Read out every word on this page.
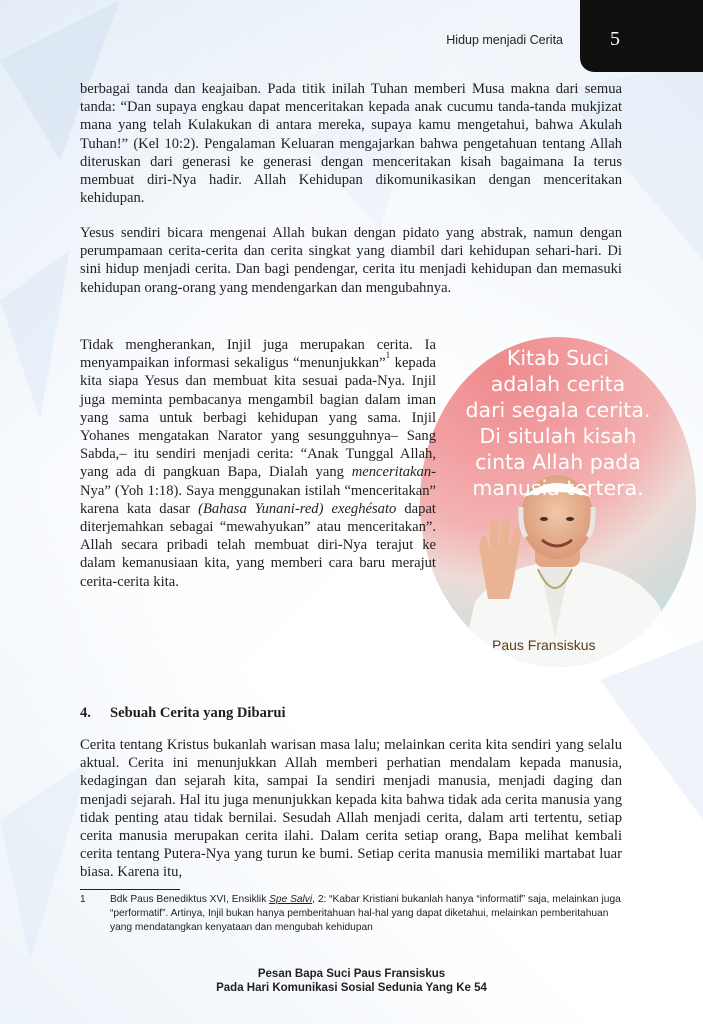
Hidup menjadi Cerita 5

berbagai tanda dan keajaiban. Pada titik inilah Tuhan memberi Musa makna dari semua tanda: “Dan supaya engkau dapat menceritakan kepada anak cucumu tanda-tanda mukjizat mana yang telah Kulakukan di antara mereka, supaya kamu mengetahui, bahwa Akulah Tuhan!” (Kel 10:2). Pengalaman Keluaran mengajarkan bahwa pengetahuan tentang Allah diteruskan dari generasi ke generasi dengan menceritakan kisah bagaimana Ia terus membuat diri-Nya hadir. Allah Kehidupan dikomunikasikan dengan menceritakan kehidupan.

Yesus sendiri bicara mengenai Allah bukan dengan pidato yang abstrak, namun dengan perumpamaan cerita-cerita dan cerita singkat yang diambil dari kehidupan sehari-hari. Di sini hidup menjadi cerita. Dan bagi pendengar, cerita itu menjadi kehidupan dan memasuki kehidupan orang-orang yang mendengarkan dan mengubahnya.

Tidak mengherankan, Injil juga merupakan cerita. Ia menyampaikan informasi sekaligus “menunjukkan”$^1$ kepada kita siapa Yesus dan membuat kita sesuai pada-Nya. Injil juga meminta pembacanya mengambil bagian dalam iman yang sama untuk berbagi kehidupan yang sama. Injil Yohanes mengatakan Narator yang sesungguhnya– Sang Sabda,– itu sendiri menjadi cerita: “Anak Tunggal Allah, yang ada di pangkuan Bapa, Dialah yang menceritakan-Nya” (Yoh 1:18). Saya menggunakan istilah “menceritakan” karena kata dasar (Bahasa Yunani-red) exeghésato dapat diterjemahkan sebagai “mewahyukan” atau menceritakan”. Allah secara pribadi telah membuat diri-Nya terajut ke dalam kemanusiaan kita, yang memberi cara baru merajut cerita-cerita kita.

Kitab Suci
adalah cerita
dari segala cerita.
Di situlah kisah
cinta Allah pada
manusia tertera.
Paus Fransiskus
4. Sebuah Cerita yang Dibarui

Cerita tentang Kristus bukanlah warisan masa lalu; melainkan cerita kita sendiri yang selalu aktual. Cerita ini menunjukkan Allah memberi perhatian mendalam kepada manusia, kedagingan dan sejarah kita, sampai Ia sendiri menjadi manusia, menjadi daging dan menjadi sejarah. Hal itu juga menunjukkan kepada kita bahwa tidak ada cerita manusia yang tidak penting atau tidak bernilai. Sesudah Allah menjadi cerita, dalam arti tertentu, setiap cerita manusia merupakan cerita ilahi. Dalam cerita setiap orang, Bapa melihat kembali cerita tentang Putera-Nya yang turun ke bumi. Setiap cerita manusia memiliki martabat luar biasa. Karena itu,

1 Bdk Paus Benediktus XVI, Ensiklik Spe Salvi, 2: “Kabar Kristiani bukanlah hanya “informatif” saja, melainkan juga “performatif”. Artinya, Injil bukan hanya pemberitahuan hal-hal yang dapat diketahui, melainkan pemberitahuan yang mendatangkan kenyataan dan mengubah kehidupan
Pesan Bapa Suci Paus Fransiskus
Pada Hari Komunikasi Sosial Sedunia Yang Ke 54
